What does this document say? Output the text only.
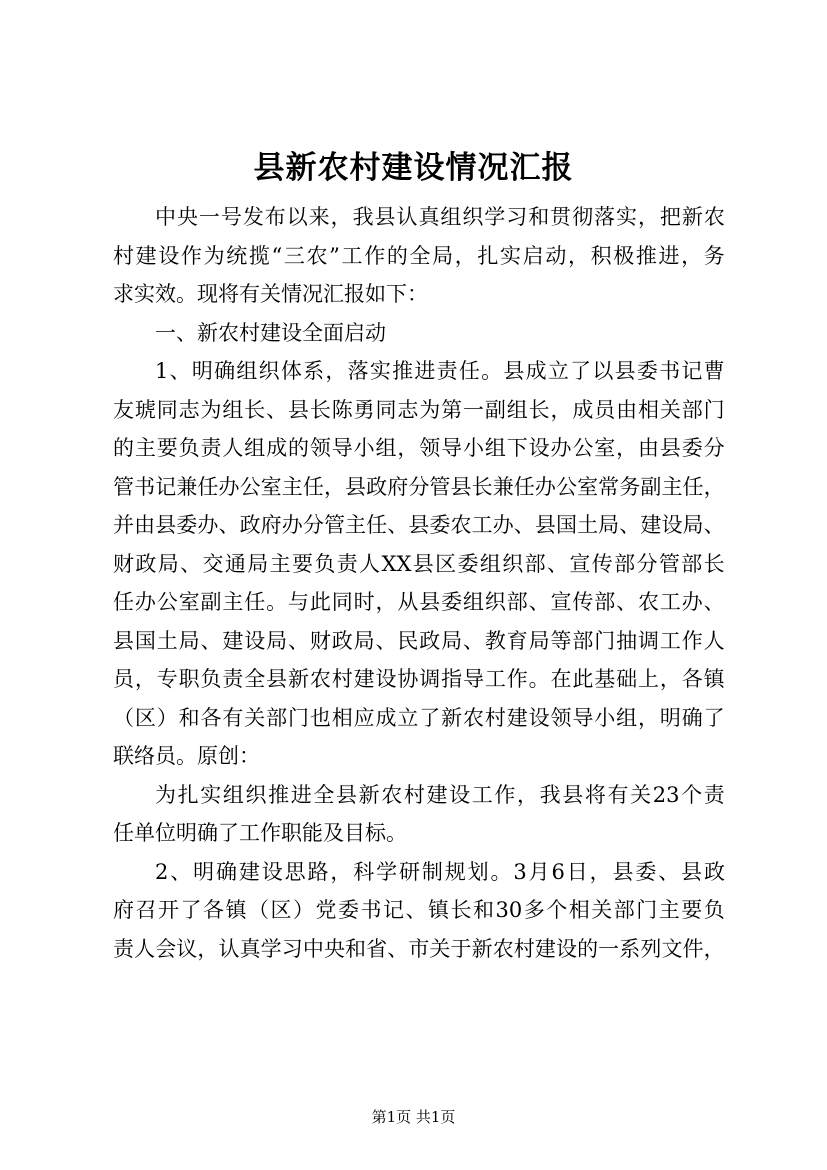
县新农村建设情况汇报
中 央 一 号 发 布 以 来 ， 我 县 认 真 组 织 学 习 和 贯 彻 落 实 ， 把 新 农
村 建 设 作 为 统 揽 “ 三 农 ” 工 作 的 全 局 ， 扎 实 启 动 ， 积 极 推 进 ， 务
求实效。现将有关情况汇报如下：
一、新农村建设全面启动
1 、 明 确 组 织 体 系 ， 落 实 推 进 责 任 。 县 成 立 了 以 县 委 书 记 曹
友 琥 同 志 为 组 长 、 县 长 陈 勇 同 志 为 第 一 副 组 长 ， 成 员 由 相 关 部 门
的 主 要 负 责 人 组 成 的 领 导 小 组 ， 领 导 小 组 下 设 办 公 室 ， 由 县 委 分
管 书 记 兼 任 办 公 室 主 任 ， 县 政 府 分 管 县 长 兼 任 办 公 室 常 务 副 主 任 ，
并 由 县 委 办 、 政 府 办 分 管 主 任 、 县 委 农 工 办 、 县 国 土 局 、 建 设 局 、
财 政 局 、 交 通 局 主 要 负 责 人 XX 县 区 委 组 织 部 、 宣 传 部 分 管 部 长
任 办 公 室 副 主 任 。 与 此 同 时 ， 从 县 委 组 织 部 、 宣 传 部 、 农 工 办 、
县 国 土 局 、 建 设 局 、 财 政 局 、 民 政 局 、 教 育 局 等 部 门 抽 调 工 作 人
员 ， 专 职 负 责 全 县 新 农 村 建 设 协 调 指 导 工 作 。 在 此 基 础 上 ， 各 镇
（ 区 ） 和 各 有 关 部 门 也 相 应 成 立 了 新 农 村 建 设 领 导 小 组 ， 明 确 了
联络员。原创：
为 扎 实 组 织 推 进 全 县 新 农 村 建 设 工 作 ， 我 县 将 有 关 23 个 责
任单位明确了工作职能及目标。
2 、 明 确 建 设 思 路 ， 科 学 研 制 规 划 。 3 月 6 日 ， 县 委 、 县 政
府 召 开 了 各 镇 （ 区 ） 党 委 书 记 、 镇 长 和 30 多 个 相 关 部 门 主 要 负
责 人 会 议 ， 认 真 学 习 中 央 和 省 、 市 关 于 新 农 村 建 设 的 一 系 列 文 件 ，
第1页 共1页
